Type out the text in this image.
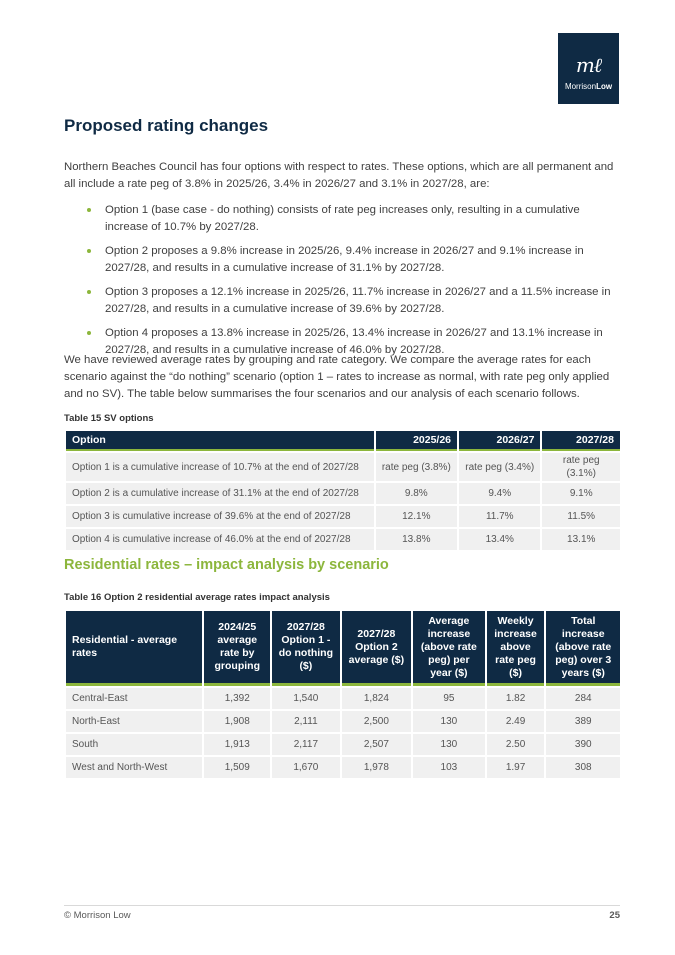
mℓ
MorrisonLow
Proposed rating changes

Northern Beaches Council has four options with respect to rates. These options, which are all permanent and all include a rate peg of 3.8% in 2025/26, 3.4% in 2026/27 and 3.1% in 2027/28, are:

Option 1 (base case - do nothing) consists of rate peg increases only, resulting in a cumulative increase of 10.7% by 2027/28.
Option 2 proposes a 9.8% increase in 2025/26, 9.4% increase in 2026/27 and 9.1% increase in 2027/28, and results in a cumulative increase of 31.1% by 2027/28.
Option 3 proposes a 12.1% increase in 2025/26, 11.7% increase in 2026/27 and a 11.5% increase in 2027/28, and results in a cumulative increase of 39.6% by 2027/28.
Option 4 proposes a 13.8% increase in 2025/26, 13.4% increase in 2026/27 and 13.1% increase in 2027/28, and results in a cumulative increase of 46.0% by 2027/28.

We have reviewed average rates by grouping and rate category. We compare the average rates for each scenario against the “do nothing” scenario (option 1 – rates to increase as normal, with rate peg only applied and no SV). The table below summarises the four scenarios and our analysis of each scenario follows.

Table 15 SV options

Option	2025/26	2026/27	2027/28
Option 1 is a cumulative increase of 10.7% at the end of 2027/28	rate peg (3.8%)	rate peg (3.4%)	rate peg (3.1%)
Option 2 is a cumulative increase of 31.1% at the end of 2027/28	9.8%	9.4%	9.1%
Option 3 is cumulative increase of 39.6% at the end of 2027/28	12.1%	11.7%	11.5%
Option 4 is cumulative increase of 46.0% at the end of 2027/28	13.8%	13.4%	13.1%
Residential rates – impact analysis by scenario

Table 16 Option 2 residential average rates impact analysis

Residential - average rates	2024/25 average rate by grouping	2027/28 Option 1 - do nothing ($)	2027/28 Option 2 average ($)	Average increase (above rate peg) per year ($)	Weekly increase above rate peg ($)	Total increase (above rate peg) over 3 years ($)
Central-East	1,392	1,540	1,824	95	1.82	284
North-East	1,908	2,111	2,500	130	2.49	389
South	1,913	2,117	2,507	130	2.50	390
West and North-West	1,509	1,670	1,978	103	1.97	308
© Morrison Low	25
